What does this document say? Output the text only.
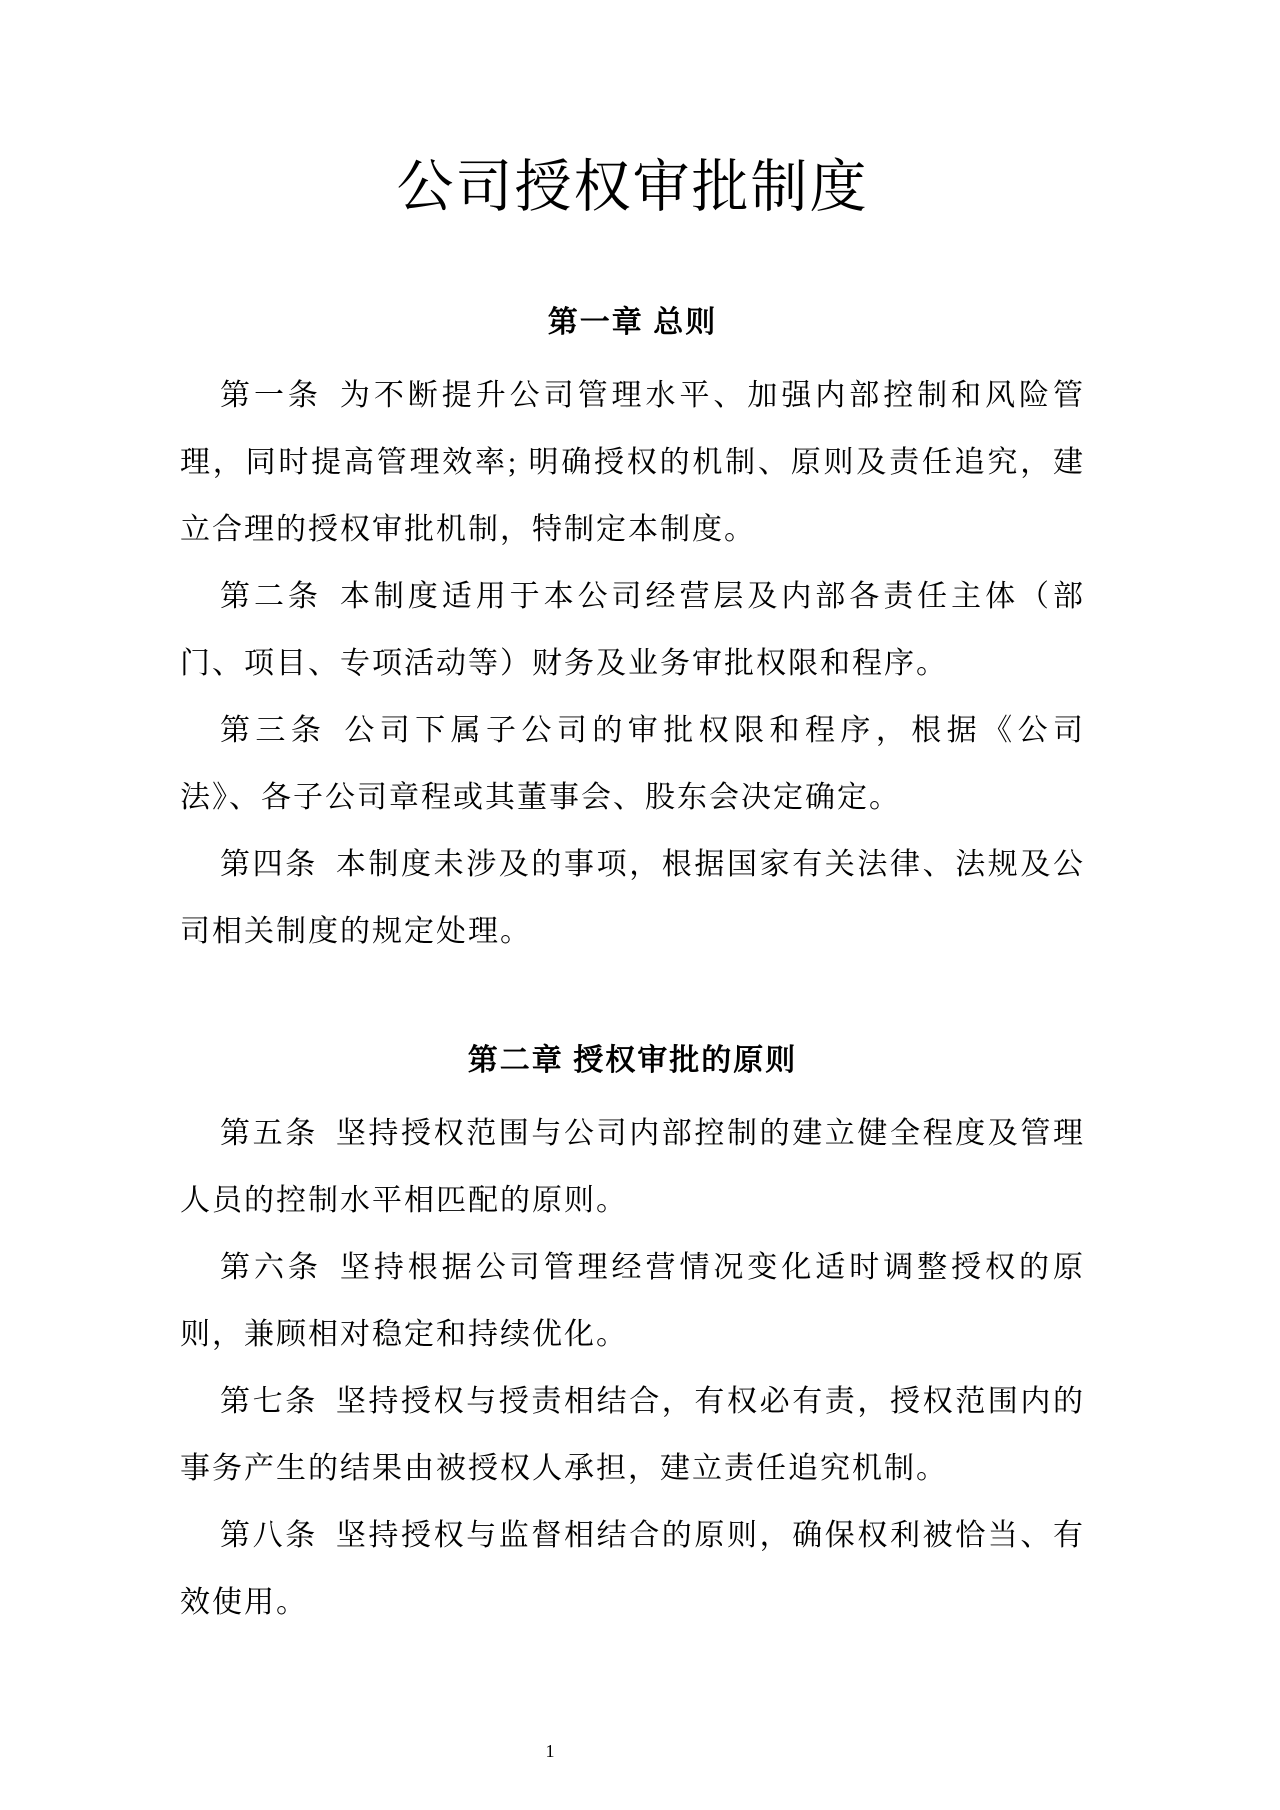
公司授权审批制度
第一章 总则

第一条 为不断提升公司管理水平、加强内部控制和风险管理，同时提高管理效率; 明确授权的机制、原则及责任追究，建立合理的授权审批机制，特制定本制度。

第二条 本制度适用于本公司经营层及内部各责任主体（部门、项目、专项活动等）财务及业务审批权限和程序。

第三条 公司下属子公司的审批权限和程序，根据《公司法》、各子公司章程或其董事会、股东会决定确定。

第四条 本制度未涉及的事项，根据国家有关法律、法规及公司相关制度的规定处理。

第二章 授权审批的原则

第五条 坚持授权范围与公司内部控制的建立健全程度及管理人员的控制水平相匹配的原则。

第六条 坚持根据公司管理经营情况变化适时调整授权的原则，兼顾相对稳定和持续优化。

第七条 坚持授权与授责相结合，有权必有责，授权范围内的事务产生的结果由被授权人承担，建立责任追究机制。

第八条 坚持授权与监督相结合的原则，确保权利被恰当、有效使用。

1
